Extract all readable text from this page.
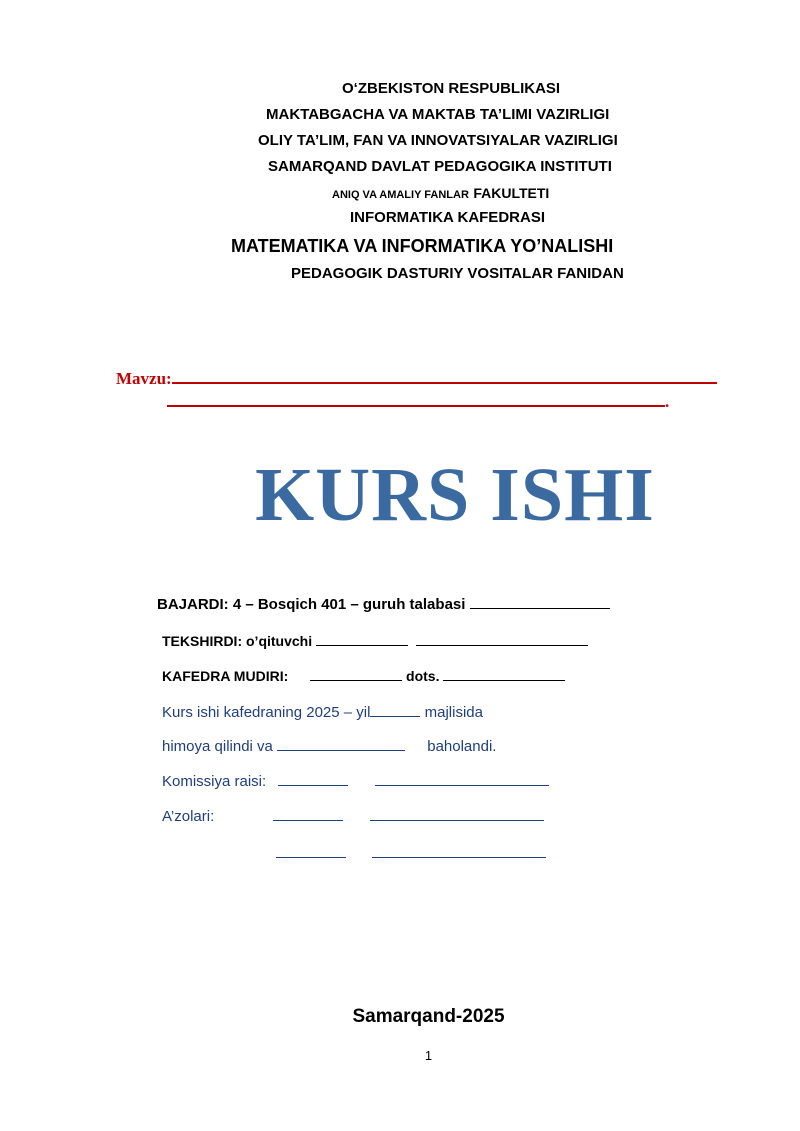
O‘ZBEKISTON RESPUBLIKASI
MAKTABGACHA VA MAKTAB TA’LIMI VAZIRLIGI
OLIY TA’LIM, FAN VA INNOVATSIYALAR VAZIRLIGI
SAMARQAND DAVLAT PEDAGOGIKA INSTITUTI
ANIQ VA AMALIY FANLAR FAKULTETI
INFORMATIKA KAFEDRASI
MATEMATIKA VA INFORMATIKA YO’NALISHI
PEDAGOGIK DASTURIY VOSITALAR FANIDAN
Mavzu:
.
KURS ISHI
BAJARDI: 4 – Bosqich 401 – guruh talabasi
TEKSHIRDI: o’qituvchi
KAFEDRA MUDIRI:	dots.
Kurs ishi kafedraning 2025 – yil	majlisida
himoya qilindi va	baholandi.
Komissiya raisi:
A’zolari:

Samarqand-2025
1
